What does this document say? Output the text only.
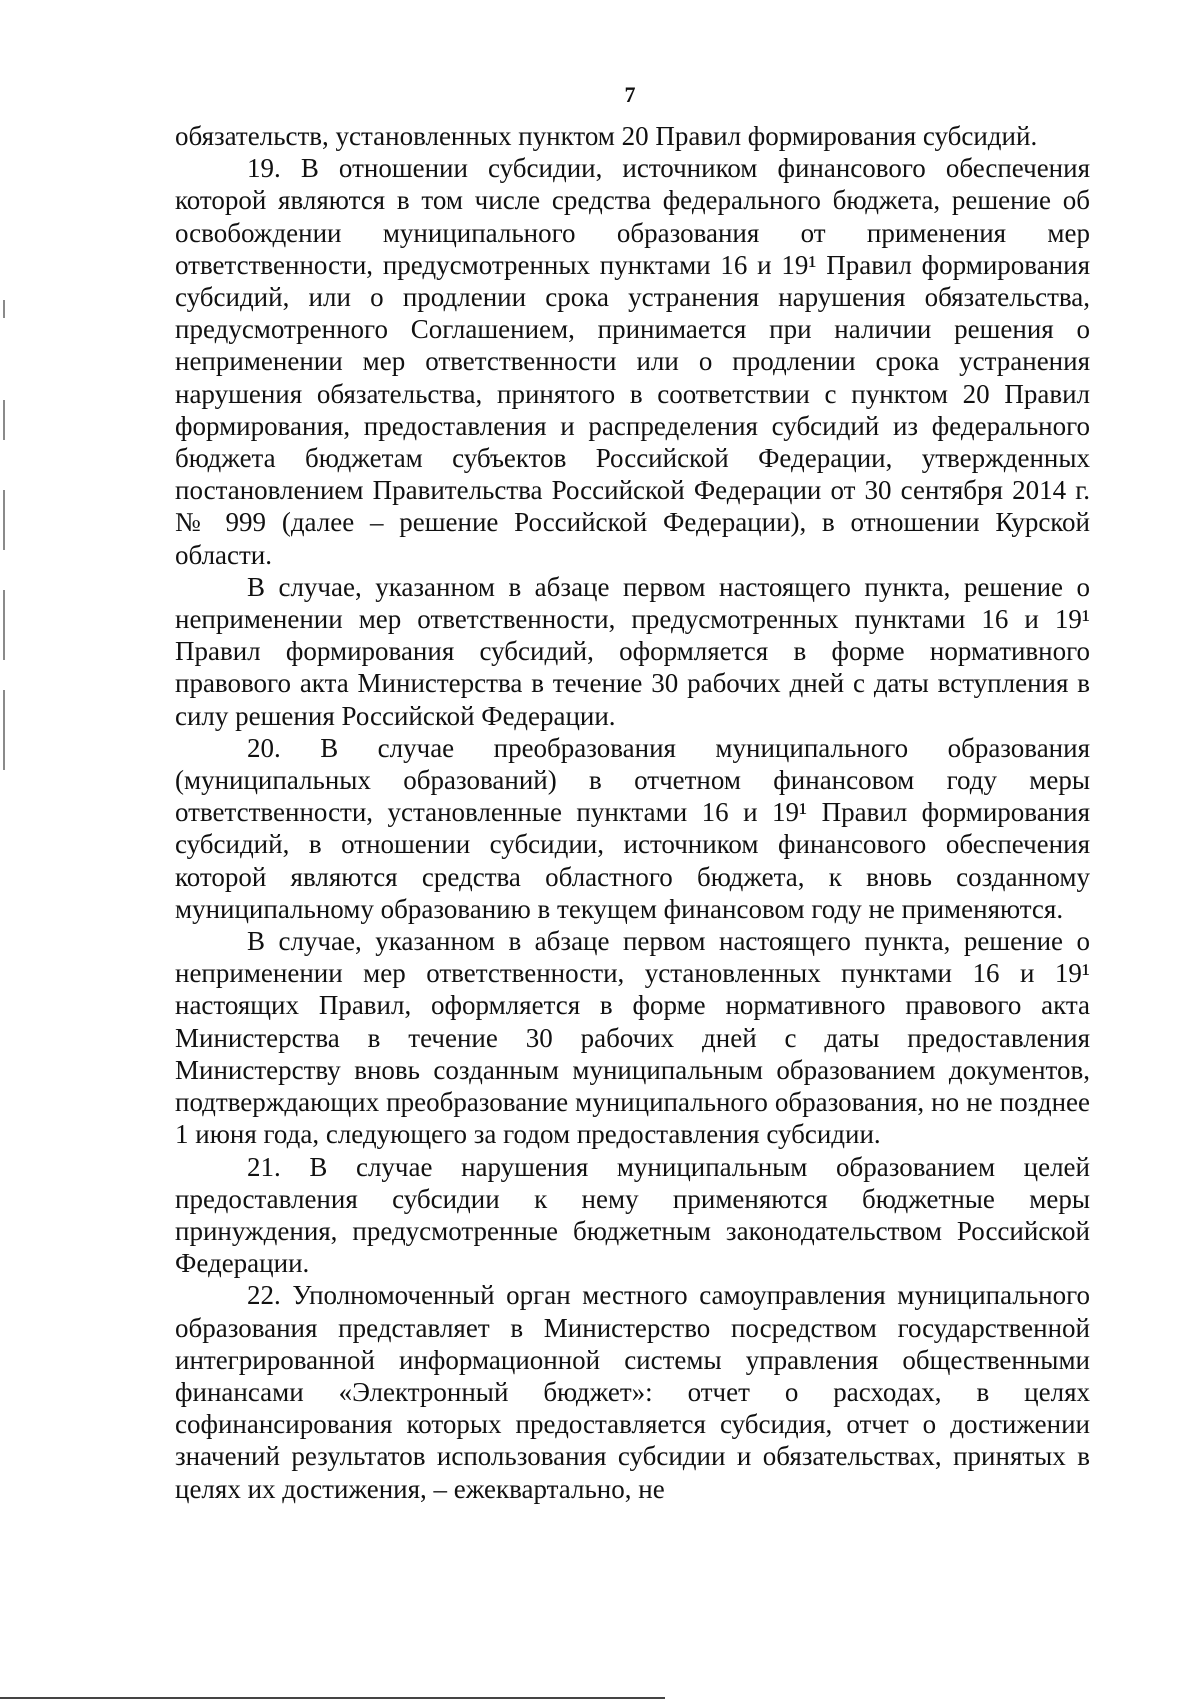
7

обязательств, установленных пунктом 20 Правил формирования субсидий.

19. В отношении субсидии, источником финансового обеспечения которой являются в том числе средства федерального бюджета, решение об освобождении муниципального образования от применения мер ответственности, предусмотренных пунктами 16 и 19¹ Правил формирования субсидий, или о продлении срока устранения нарушения обязательства, предусмотренного Соглашением, принимается при наличии решения о неприменении мер ответственности или о продлении срока устранения нарушения обязательства, принятого в соответствии с пунктом 20 Правил формирования, предоставления и распределения субсидий из федерального бюджета бюджетам субъектов Российской Федерации, утвержденных постановлением Правительства Российской Федерации от 30 сентября 2014 г. № 999 (далее – решение Российской Федерации), в отношении Курской области.

В случае, указанном в абзаце первом настоящего пункта, решение о неприменении мер ответственности, предусмотренных пунктами 16 и 19¹ Правил формирования субсидий, оформляется в форме нормативного правового акта Министерства в течение 30 рабочих дней с даты вступления в силу решения Российской Федерации.

20. В случае преобразования муниципального образования (муниципальных образований) в отчетном финансовом году меры ответственности, установленные пунктами 16 и 19¹ Правил формирования субсидий, в отношении субсидии, источником финансового обеспечения которой являются средства областного бюджета, к вновь созданному муниципальному образованию в текущем финансовом году не применяются.

В случае, указанном в абзаце первом настоящего пункта, решение о неприменении мер ответственности, установленных пунктами 16 и 19¹ настоящих Правил, оформляется в форме нормативного правового акта Министерства в течение 30 рабочих дней с даты предоставления Министерству вновь созданным муниципальным образованием документов, подтверждающих преобразование муниципального образования, но не позднее 1 июня года, следующего за годом предоставления субсидии.

21. В случае нарушения муниципальным образованием целей предоставления субсидии к нему применяются бюджетные меры принуждения, предусмотренные бюджетным законодательством Российской Федерации.

22. Уполномоченный орган местного самоуправления муниципального образования представляет в Министерство посредством государственной интегрированной информационной системы управления общественными финансами «Электронный бюджет»: отчет о расходах, в целях софинансирования которых предоставляется субсидия, отчет о достижении значений результатов использования субсидии и обязательствах, принятых в целях их достижения, – ежеквартально, не
